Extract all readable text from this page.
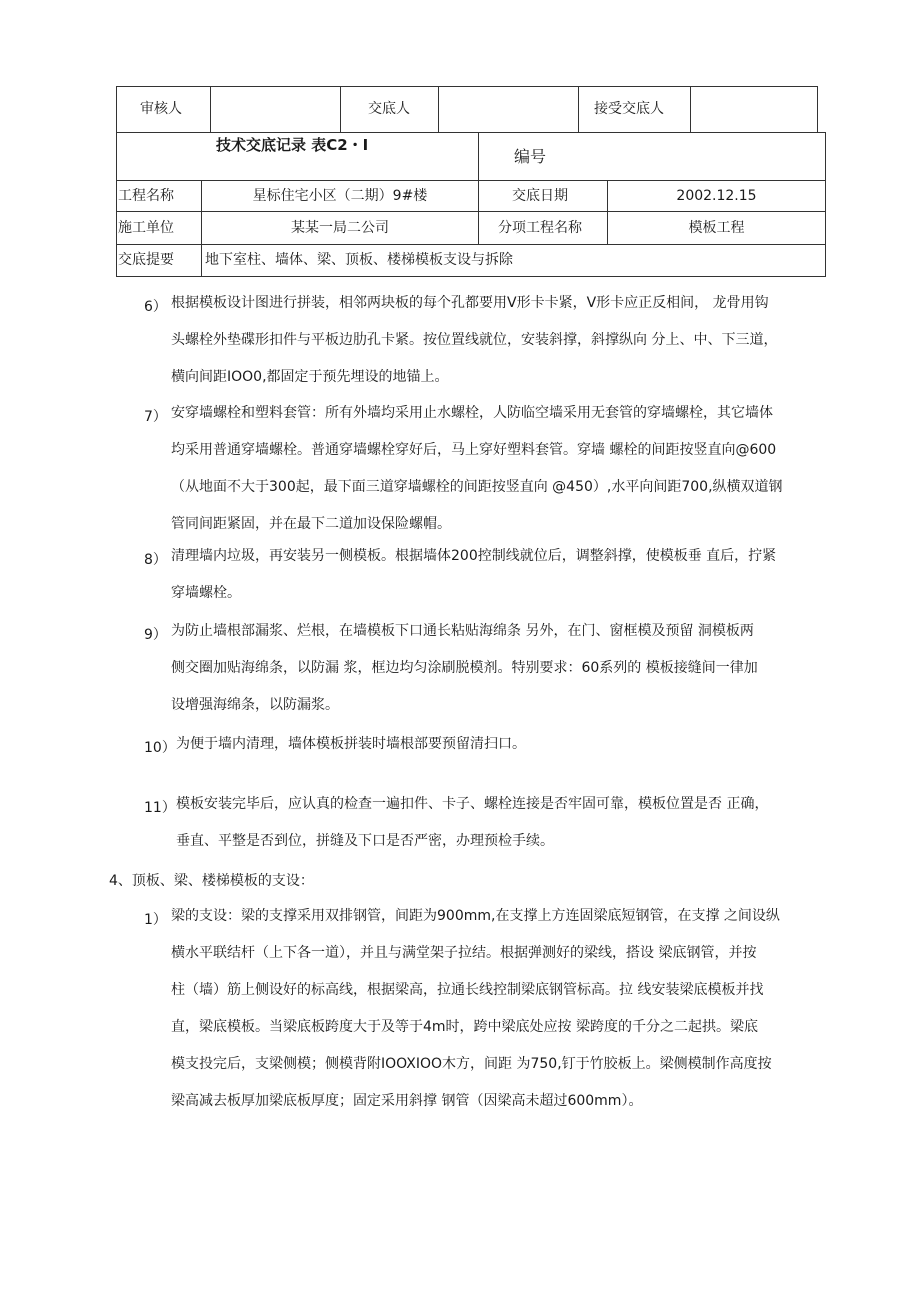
审核人	交底人	接受交底人
技术交底记录 表C2・I
编号
工程名称	星标住宅小区（二期）9#楼	交底日期	2002.12.15
施工单位	某某一局二公司	分项工程名称	模板工程
交底提要 地下室柱、墙体、梁、顶板、楼梯模板支设与拆除
6） 根据模板设计图进行拼装，相邻两块板的每个孔都要用V形卡卡紧，V形卡应正反相间， 龙骨用钩
头螺栓外垫碟形扣件与平板边肋孔卡紧。按位置线就位，安装斜撑，斜撑纵向 分上、中、下三道，
横向间距IOO0,都固定于预先埋设的地锚上。
7） 安穿墙螺栓和塑料套管：所有外墙均采用止水螺栓，人防临空墙采用无套管的穿墙螺栓，其它墙体
均采用普通穿墙螺栓。普通穿墙螺栓穿好后，马上穿好塑料套管。穿墙 螺栓的间距按竖直向@600
（从地面不大于300起，最下面三道穿墙螺栓的间距按竖直向 @450）,水平向间距700,纵横双道钢
管同间距紧固，并在最下二道加设保险螺帽。
8） 清理墙内垃圾，再安装另一侧模板。根据墙体200控制线就位后，调整斜撑，使模板垂 直后，拧紧
穿墙螺栓。
9） 为防止墙根部漏浆、烂根，在墙模板下口通长粘贴海绵条 另外，在门、窗框模及预留 洞模板两
侧交圈加贴海绵条，以防漏 浆，框边均匀涂刷脱模剂。特别要求：60系列的 模板接缝间一律加
设增强海绵条，以防漏浆。
10） 为便于墙内清理，墙体模板拼装时墙根部要预留清扫口。
11） 模板安装完毕后，应认真的检查一遍扣件、卡子、螺栓连接是否牢固可靠，模板位置是否 正确，
垂直、平整是否到位，拼缝及下口是否严密，办理预检手续。
4、顶板、梁、楼梯模板的支设：
1） 梁的支设：梁的支撑采用双排钢管，间距为900mm,在支撑上方连固梁底短钢管，在支撑 之间设纵
横水平联结杆（上下各一道），并且与满堂架子拉结。根据弹测好的梁线，搭设 梁底钢管，并按
柱（墙）筋上侧设好的标高线，根据梁高，拉通长线控制梁底钢管标高。拉 线安装梁底模板并找
直，梁底模板。当梁底板跨度大于及等于4m时，跨中梁底处应按 梁跨度的千分之二起拱。梁底
模支投完后，支梁侧模；侧模背附IOOXIOO木方，间距 为750,钉于竹胶板上。梁侧模制作高度按
梁高减去板厚加梁底板厚度；固定采用斜撑 钢管（因梁高未超过600mm）。
